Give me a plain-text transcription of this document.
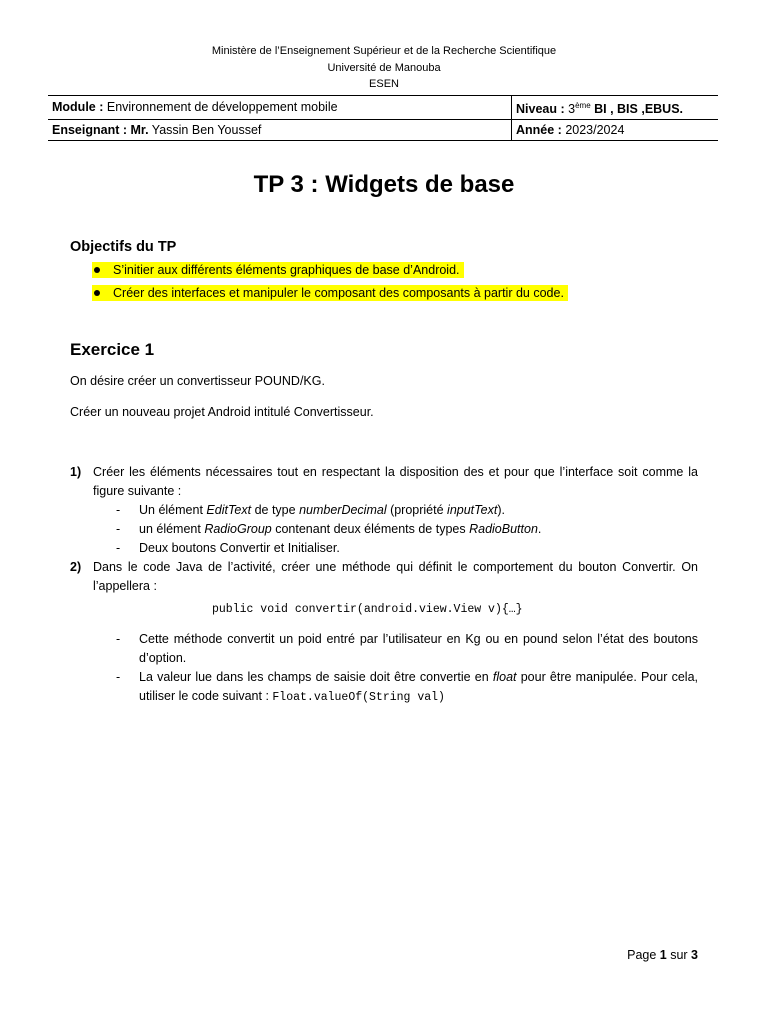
Ministère de l’Enseignement Supérieur et de la Recherche Scientifique
Université de Manouba
ESEN
Module : Environnement de développement mobile	Niveau : 3ème BI , BIS ,EBUS.
Enseignant : Mr. Yassin Ben Youssef	Année : 2023/2024
TP 3 : Widgets de base
Objectifs du TP
S’initier aux différents éléments graphiques de base d’Android.
Créer des interfaces et manipuler le composant des composants à partir du code.
Exercice 1
On désire créer un convertisseur POUND/KG.
Créer un nouveau projet Android intitulé Convertisseur.
1) Créer les éléments nécessaires tout en respectant la disposition des et pour que l’interface soit comme la figure suivante :
- Un élément EditText de type numberDecimal (propriété inputText).
- un élément RadioGroup contenant deux éléments de types RadioButton.
- Deux boutons Convertir et Initialiser.
2) Dans le code Java de l’activité, créer une méthode qui définit le comportement du bouton Convertir. On l’appellera :
public void convertir(android.view.View v){…}
- Cette méthode convertit un poid entré par l’utilisateur en Kg ou en pound selon l’état des boutons d’option.
- La valeur lue dans les champs de saisie doit être convertie en float pour être manipulée. Pour cela, utiliser le code suivant : Float.valueOf(String val)
Page 1 sur 3
